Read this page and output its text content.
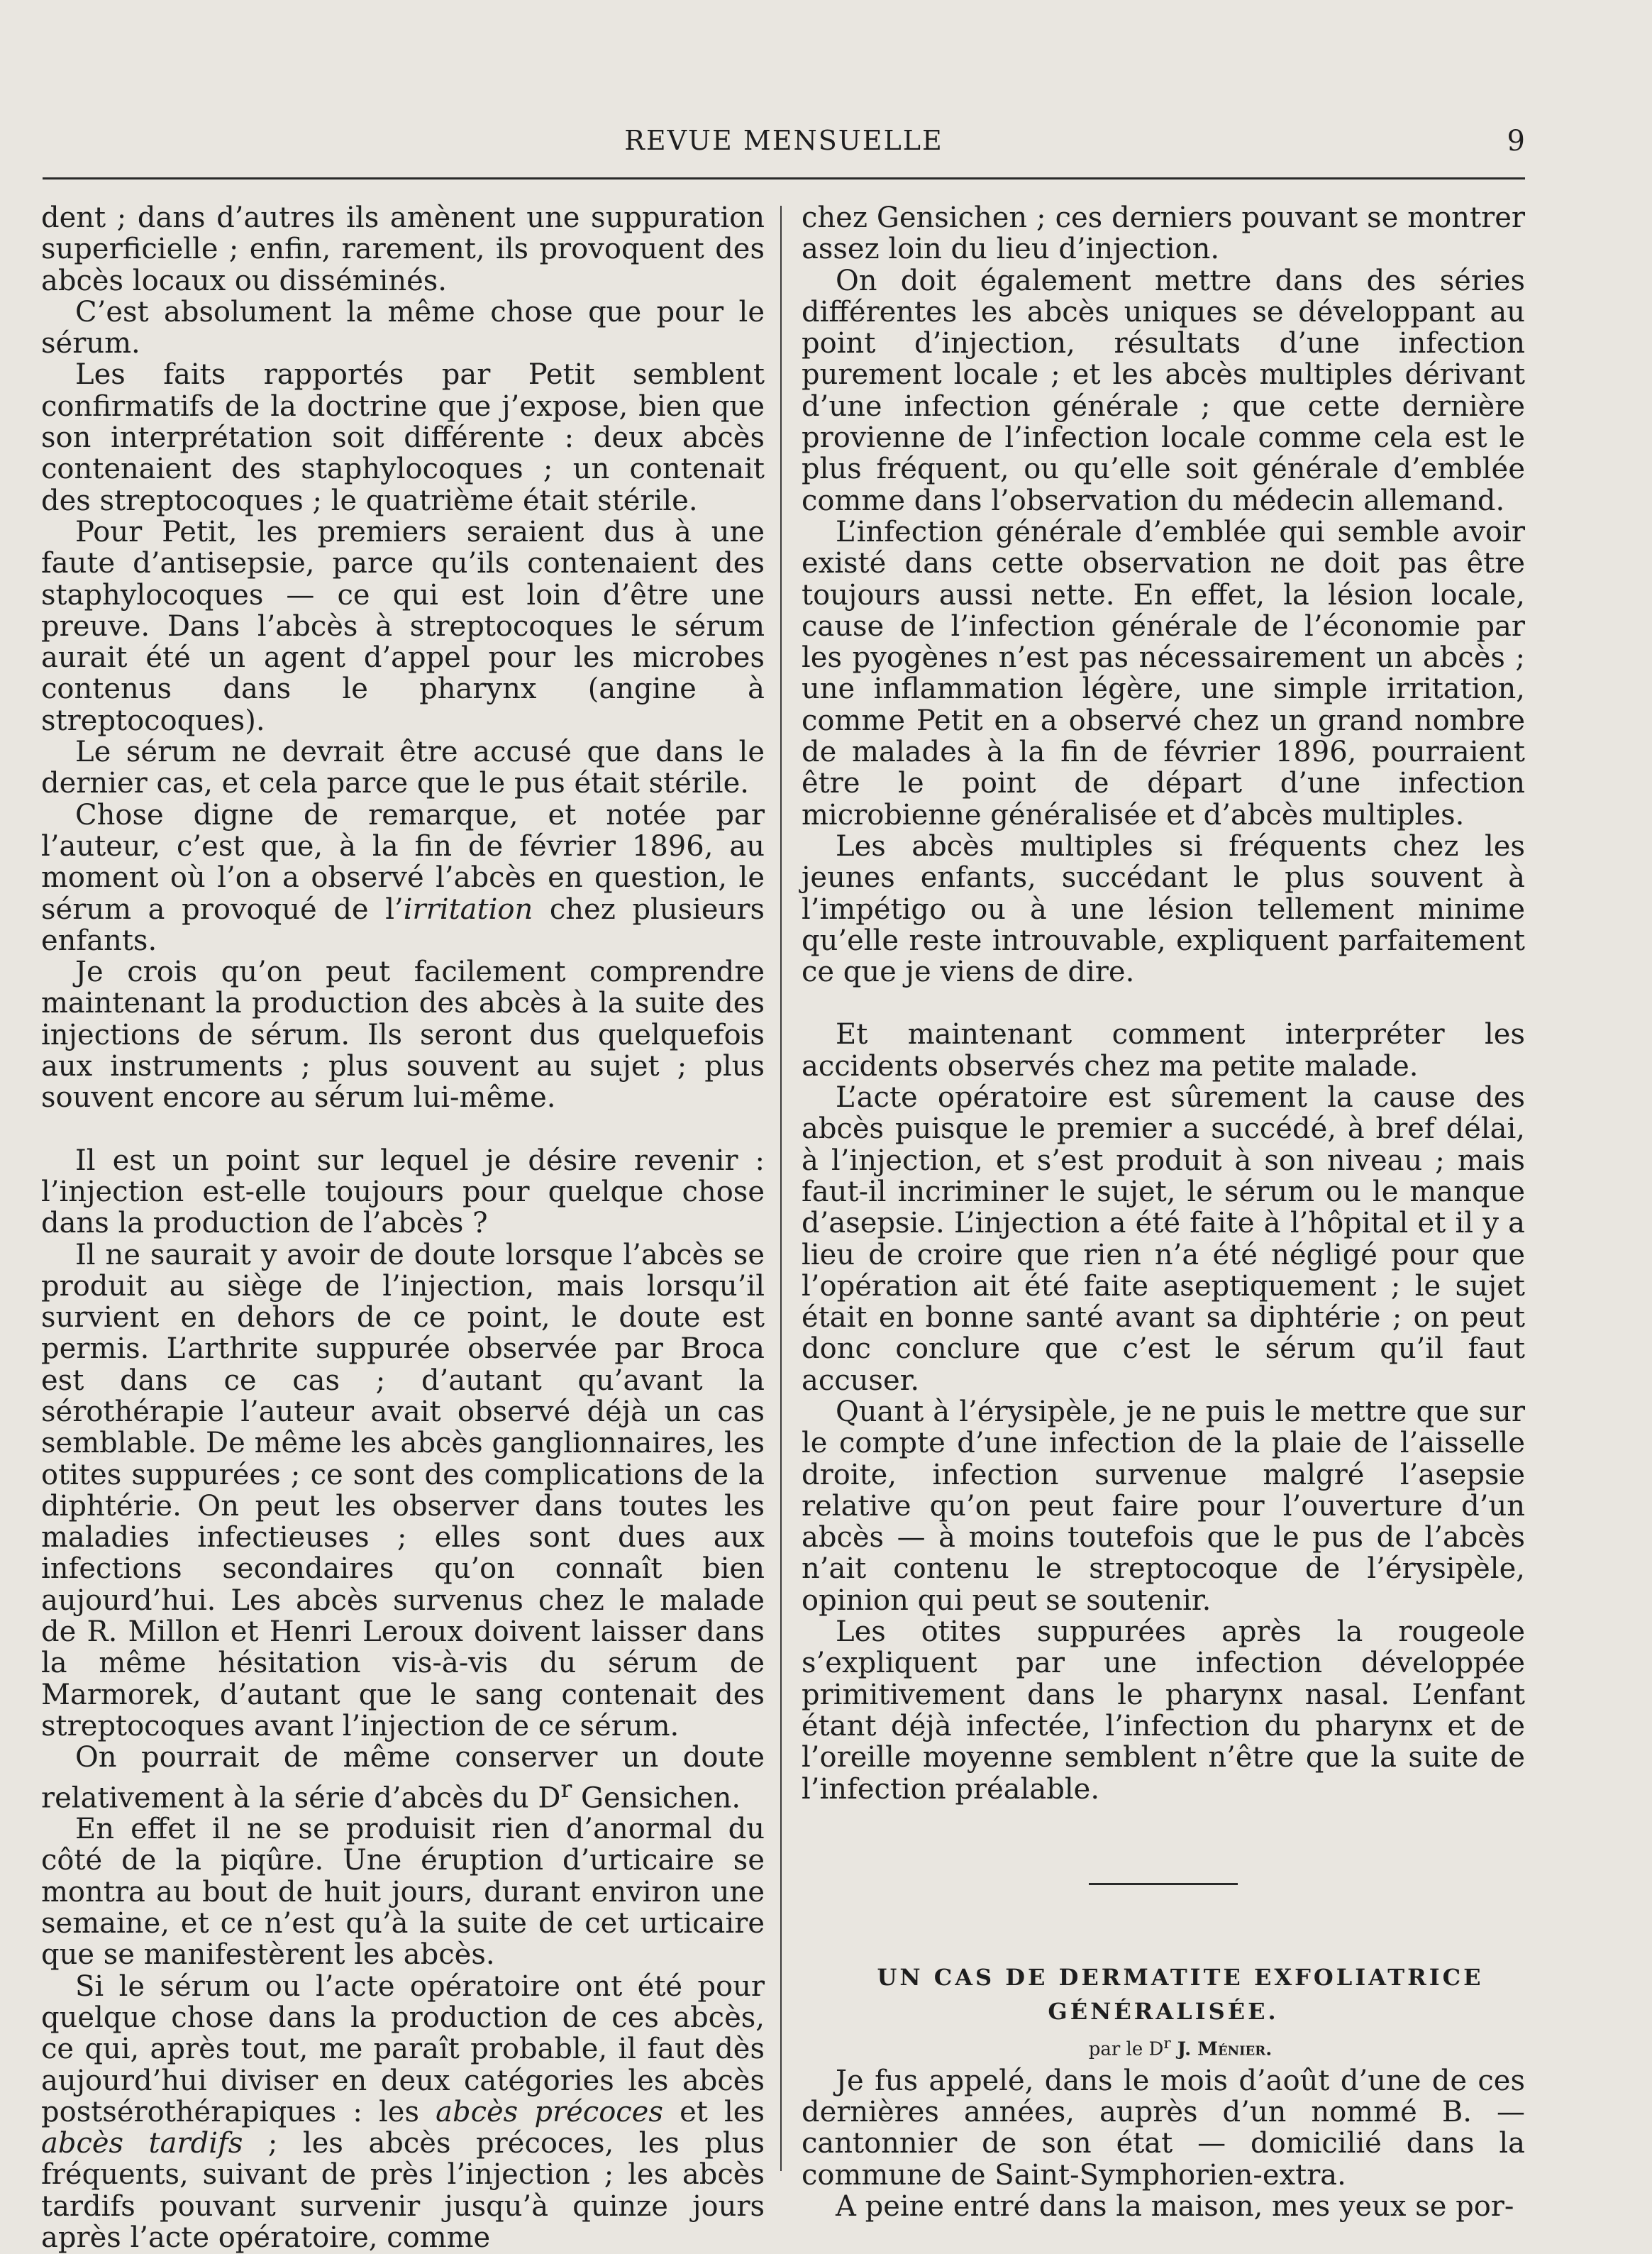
REVUE MENSUELLE	9

dent ; dans d’autres ils amènent une suppuration superficielle ; enfin, rarement, ils provoquent des abcès locaux ou disséminés.

C’est absolument la même chose que pour le sérum.

Les faits rapportés par Petit semblent confirmatifs de la doctrine que j’expose, bien que son interprétation soit différente : deux abcès contenaient des staphylocoques ; un contenait des streptocoques ; le quatrième était stérile.

Pour Petit, les premiers seraient dus à une faute d’antisepsie, parce qu’ils contenaient des staphylocoques — ce qui est loin d’être une preuve. Dans l’abcès à streptocoques le sérum aurait été un agent d’appel pour les microbes contenus dans le pharynx (angine à streptocoques).

Le sérum ne devrait être accusé que dans le dernier cas, et cela parce que le pus était stérile.

Chose digne de remarque, et notée par l’auteur, c’est que, à la fin de février 1896, au moment où l’on a observé l’abcès en question, le sérum a provoqué de l’irritation chez plusieurs enfants.

Je crois qu’on peut facilement comprendre maintenant la production des abcès à la suite des injections de sérum. Ils seront dus quelquefois aux instruments ; plus souvent au sujet ; plus souvent encore au sérum lui-même.

Il est un point sur lequel je désire revenir : l’injection est-elle toujours pour quelque chose dans la production de l’abcès ?

Il ne saurait y avoir de doute lorsque l’abcès se produit au siège de l’injection, mais lorsqu’il survient en dehors de ce point, le doute est permis. L’arthrite suppurée observée par Broca est dans ce cas ; d’autant qu’avant la sérothérapie l’auteur avait observé déjà un cas semblable. De même les abcès ganglionnaires, les otites suppurées ; ce sont des complications de la diphtérie. On peut les observer dans toutes les maladies infectieuses ; elles sont dues aux infections secondaires qu’on connaît bien aujourd’hui. Les abcès survenus chez le malade de R. Millon et Henri Leroux doivent laisser dans la même hésitation vis-à-vis du sérum de Marmorek, d’autant que le sang contenait des streptocoques avant l’injection de ce sérum.

On pourrait de même conserver un doute relativement à la série d’abcès du $D^r$ Gensichen.

En effet il ne se produisit rien d’anormal du côté de la piqûre. Une éruption d’urticaire se montra au bout de huit jours, durant environ une semaine, et ce n’est qu’à la suite de cet urticaire que se manifestèrent les abcès.

Si le sérum ou l’acte opératoire ont été pour quelque chose dans la production de ces abcès, ce qui, après tout, me paraît probable, il faut dès aujourd’hui diviser en deux catégories les abcès postsérothérapiques : les abcès précoces et les abcès tardifs ; les abcès précoces, les plus fréquents, suivant de près l’injection ; les abcès tardifs pouvant survenir jusqu’à quinze jours après l’acte opératoire, comme

chez Gensichen ; ces derniers pouvant se montrer assez loin du lieu d’injection.

On doit également mettre dans des séries différentes les abcès uniques se développant au point d’injection, résultats d’une infection purement locale ; et les abcès multiples dérivant d’une infection générale ; que cette dernière provienne de l’infection locale comme cela est le plus fréquent, ou qu’elle soit générale d’emblée comme dans l’observation du médecin allemand.

L’infection générale d’emblée qui semble avoir existé dans cette observation ne doit pas être toujours aussi nette. En effet, la lésion locale, cause de l’infection générale de l’économie par les pyogènes n’est pas nécessairement un abcès ; une inflammation légère, une simple irritation, comme Petit en a observé chez un grand nombre de malades à la fin de février 1896, pourraient être le point de départ d’une infection microbienne généralisée et d’abcès multiples.

Les abcès multiples si fréquents chez les jeunes enfants, succédant le plus souvent à l’impétigo ou à une lésion tellement minime qu’elle reste introuvable, expliquent parfaitement ce que je viens de dire.

Et maintenant comment interpréter les accidents observés chez ma petite malade.

L’acte opératoire est sûrement la cause des abcès puisque le premier a succédé, à bref délai, à l’injection, et s’est produit à son niveau ; mais faut-il incriminer le sujet, le sérum ou le manque d’asepsie. L’injection a été faite à l’hôpital et il y a lieu de croire que rien n’a été négligé pour que l’opération ait été faite aseptiquement ; le sujet était en bonne santé avant sa diphtérie ; on peut donc conclure que c’est le sérum qu’il faut accuser.

Quant à l’érysipèle, je ne puis le mettre que sur le compte d’une infection de la plaie de l’aisselle droite, infection survenue malgré l’asepsie relative qu’on peut faire pour l’ouverture d’un abcès — à moins toutefois que le pus de l’abcès n’ait contenu le streptocoque de l’érysipèle, opinion qui peut se soutenir.

Les otites suppurées après la rougeole s’expliquent par une infection développée primitivement dans le pharynx nasal. L’enfant étant déjà infectée, l’infection du pharynx et de l’oreille moyenne semblent n’être que la suite de l’infection préalable.

UN CAS DE DERMATITE EXFOLIATRICE
GÉNÉRALISÉE.

par le $D^r$ J. Ménier.

Je fus appelé, dans le mois d’août d’une de ces dernières années, auprès d’un nommé B. — cantonnier de son état — domicilié dans la commune de Saint-Symphorien-extra.

A peine entré dans la maison, mes yeux se por-
